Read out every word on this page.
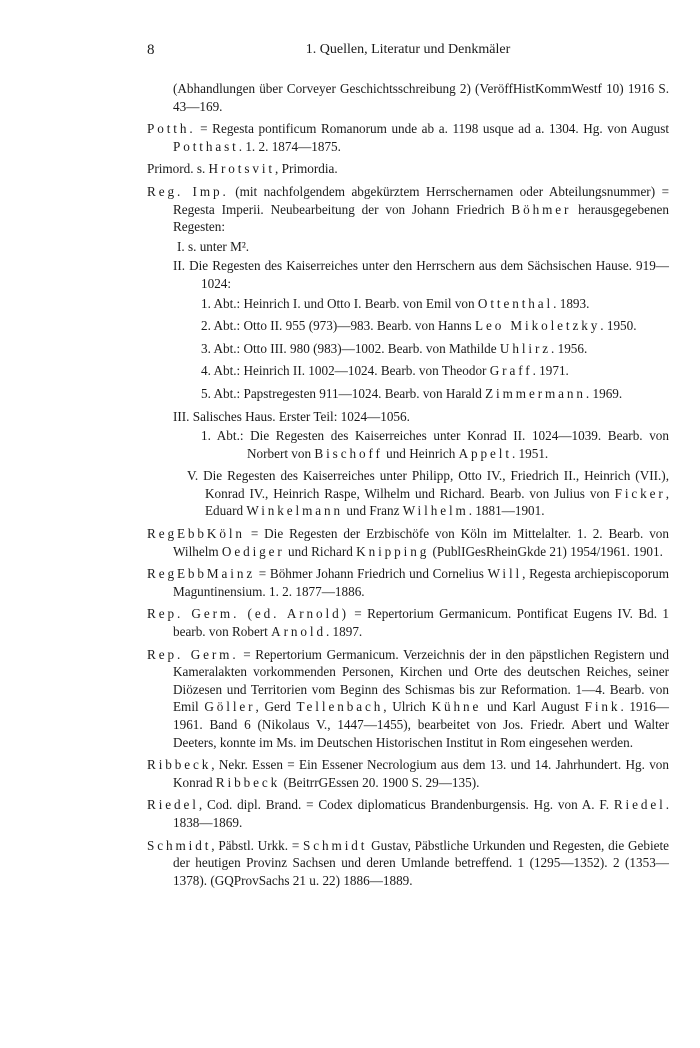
8	1. Quellen, Literatur und Denkmäler
(Abhandlungen über Corveyer Geschichtsschreibung 2) (VeröffHistKommWestf 10) 1916 S. 43—169.
Potth. = Regesta pontificum Romanorum unde ab a. 1198 usque ad a. 1304. Hg. von August Potthast. 1. 2. 1874—1875.
Primord. s. Hrotsvit, Primordia.
Reg. Imp. (mit nachfolgendem abgekürztem Herrschernamen oder Abteilungsnummer) = Regesta Imperii. Neubearbeitung der von Johann Friedrich Böhmer herausgegebenen Regesten:
I. s. unter M².
II. Die Regesten des Kaiserreiches unter den Herrschern aus dem Sächsischen Hause. 919—1024:
1. Abt.: Heinrich I. und Otto I. Bearb. von Emil von Ottenthal. 1893.
2. Abt.: Otto II. 955 (973)—983. Bearb. von Hanns Leo Mikoletzky. 1950.
3. Abt.: Otto III. 980 (983)—1002. Bearb. von Mathilde Uhlirz. 1956.
4. Abt.: Heinrich II. 1002—1024. Bearb. von Theodor Graff. 1971.
5. Abt.: Papstregesten 911—1024. Bearb. von Harald Zimmermann. 1969.
III. Salisches Haus. Erster Teil: 1024—1056.
1. Abt.: Die Regesten des Kaiserreiches unter Konrad II. 1024—1039. Bearb. von Norbert von Bischoff und Heinrich Appelt. 1951.
V. Die Regesten des Kaiserreiches unter Philipp, Otto IV., Friedrich II., Heinrich (VII.), Konrad IV., Heinrich Raspe, Wilhelm und Richard. Bearb. von Julius von Ficker, Eduard Winkelmann und Franz Wilhelm. 1881—1901.
RegEbbKöln = Die Regesten der Erzbischöfe von Köln im Mittelalter. 1. 2. Bearb. von Wilhelm Oediger und Richard Knipping (PublIGesRheinGkde 21) 1954/1961. 1901.
RegEbbMainz = Böhmer Johann Friedrich und Cornelius Will, Regesta archiepiscoporum Maguntinensium. 1. 2. 1877—1886.
Rep. Germ. (ed. Arnold) = Repertorium Germanicum. Pontificat Eugens IV. Bd. 1 bearb. von Robert Arnold. 1897.
Rep. Germ. = Repertorium Germanicum. Verzeichnis der in den päpstlichen Registern und Kameralakten vorkommenden Personen, Kirchen und Orte des deutschen Reiches, seiner Diözesen und Territorien vom Beginn des Schismas bis zur Reformation. 1—4. Bearb. von Emil Göller, Gerd Tellenbach, Ulrich Kühne und Karl August Fink. 1916—1961. Band 6 (Nikolaus V., 1447—1455), bearbeitet von Jos. Friedr. Abert und Walter Deeters, konnte im Ms. im Deutschen Historischen Institut in Rom eingesehen werden.
Ribbeck, Nekr. Essen = Ein Essener Necrologium aus dem 13. und 14. Jahrhundert. Hg. von Konrad Ribbeck (BeitrrGEssen 20. 1900 S. 29—135).
Riedel, Cod. dipl. Brand. = Codex diplomaticus Brandenburgensis. Hg. von A. F. Riedel. 1838—1869.
Schmidt, Päbstl. Urkk. = Schmidt Gustav, Päbstliche Urkunden und Regesten, die Gebiete der heutigen Provinz Sachsen und deren Umlande betreffend. 1 (1295—1352). 2 (1353—1378). (GQProvSachs 21 u. 22) 1886—1889.
